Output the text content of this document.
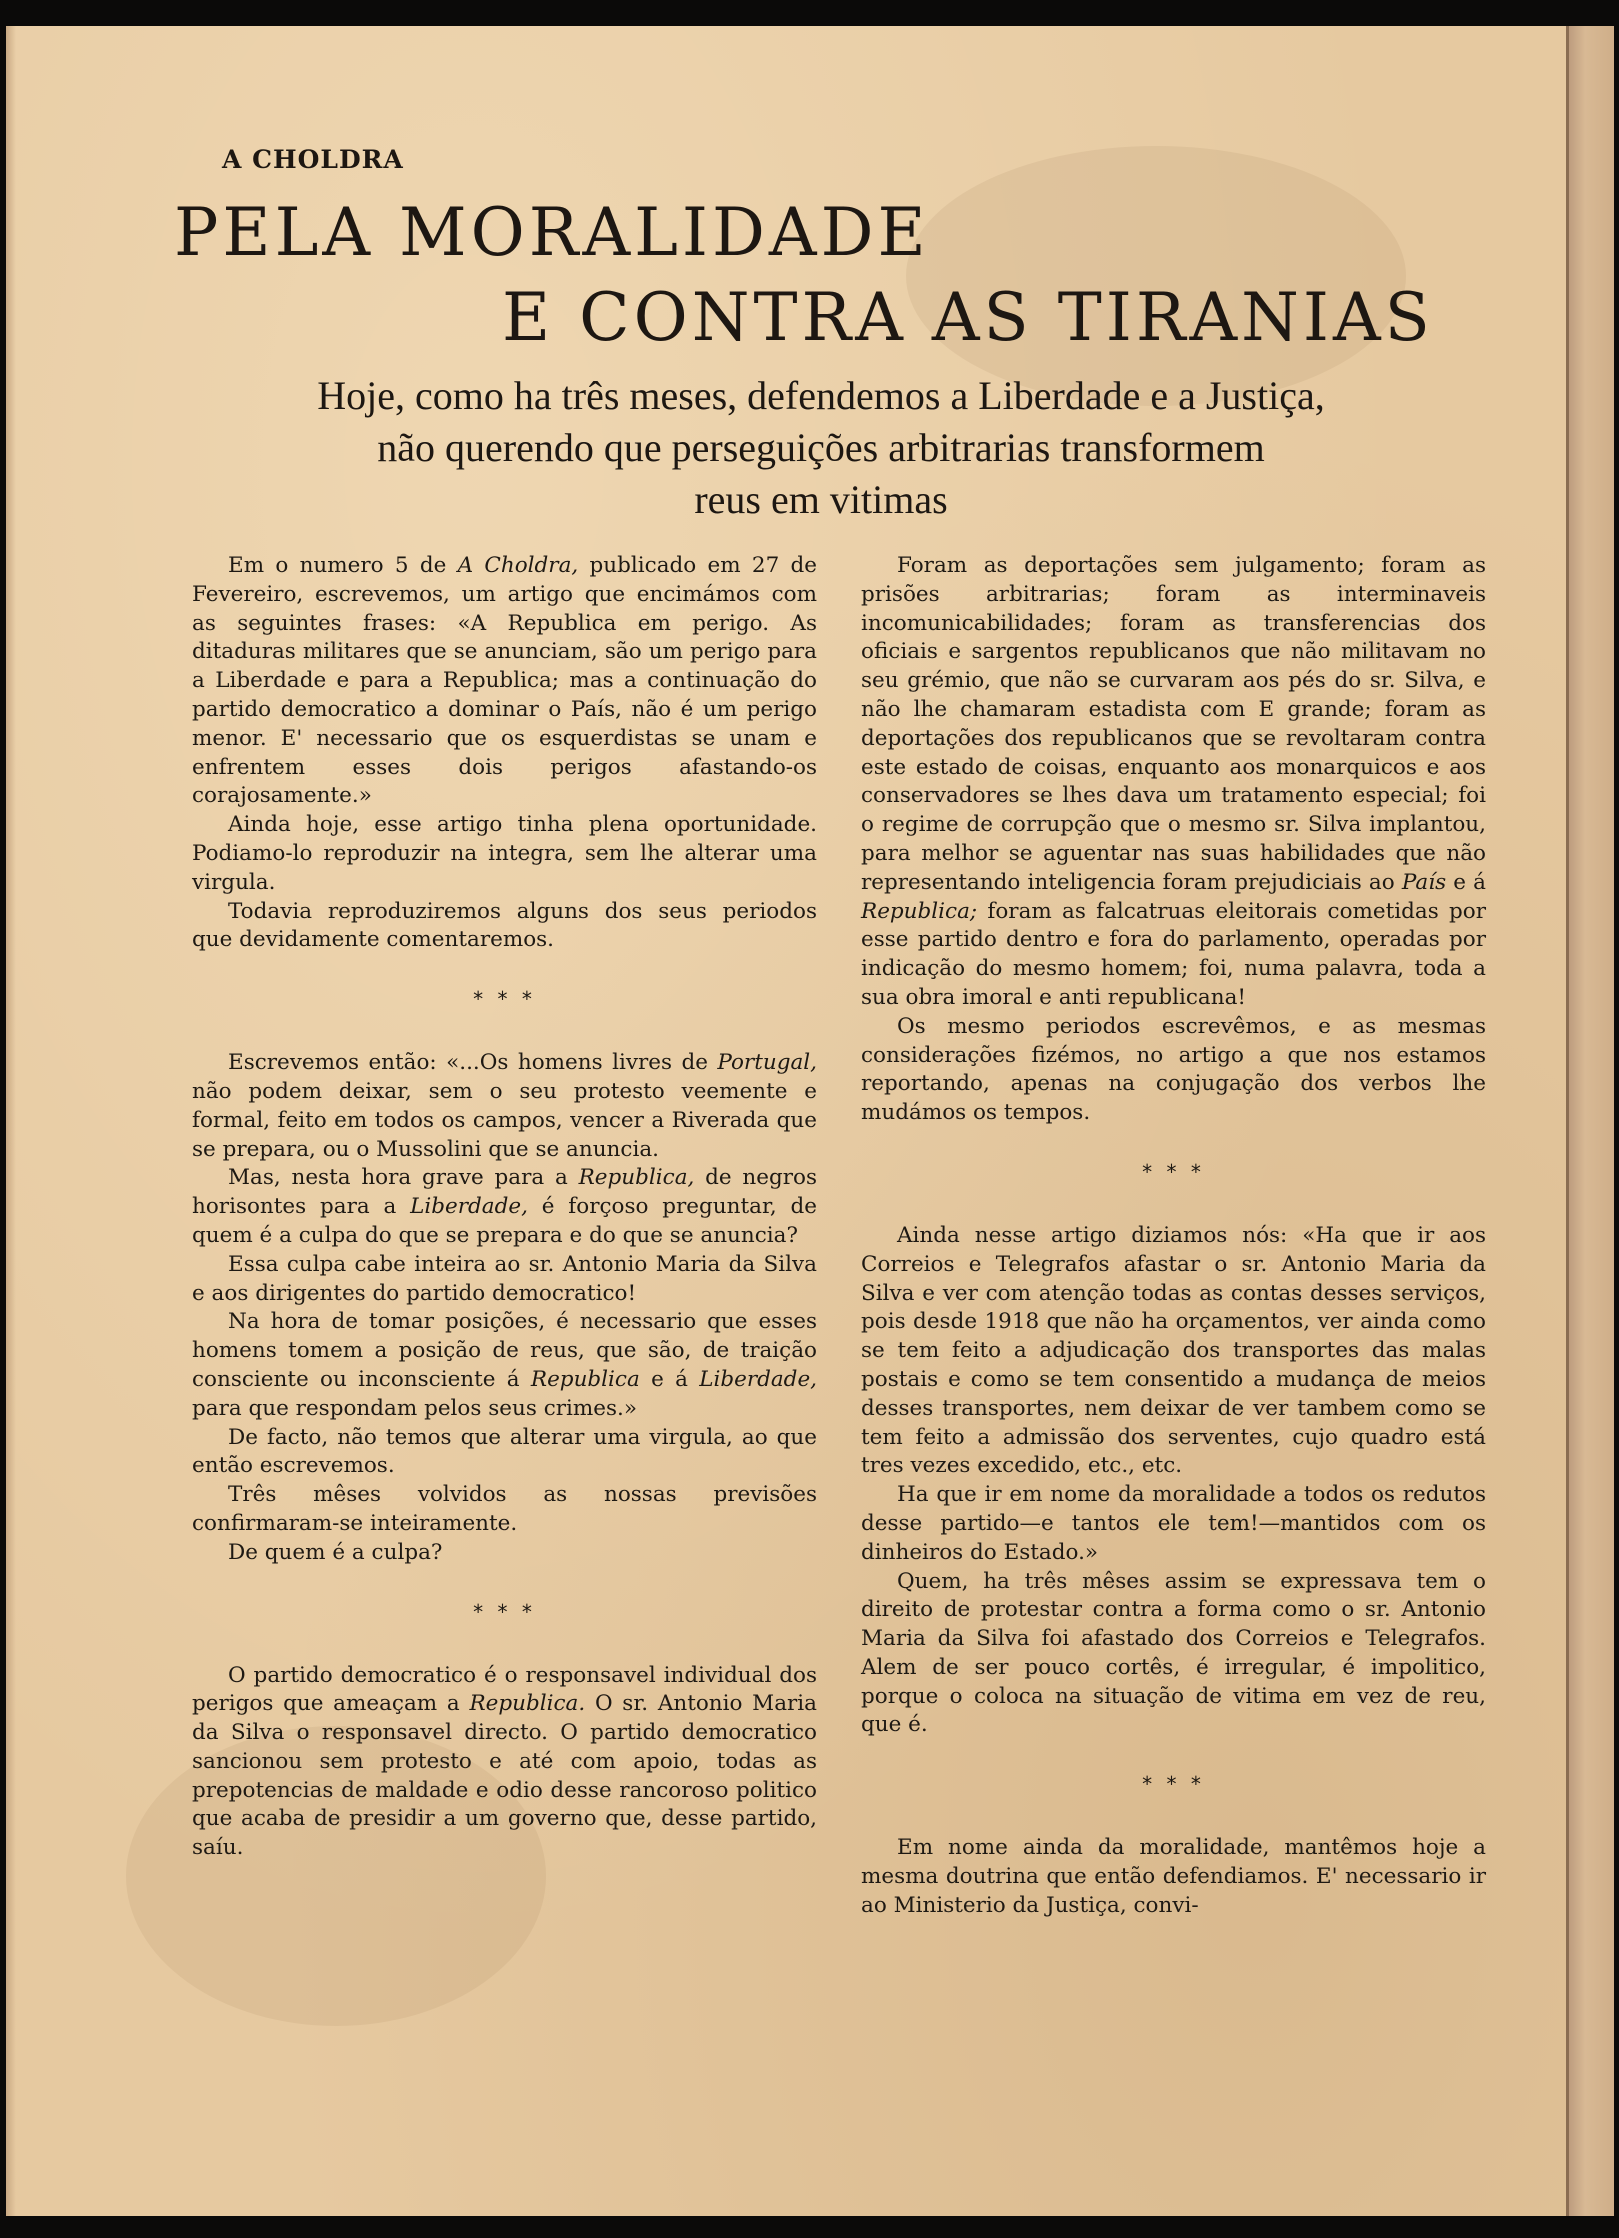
A CHOLDRA
PELA MORALIDADE
E CONTRA AS TIRANIAS
Hoje, como ha três meses, defendemos a Liberdade e a Justiça,
não querendo que perseguições arbitrarias transformem
reus em vitimas

Em o numero 5 de A Choldra, publicado em 27 de Fevereiro, escrevemos, um artigo que encimámos com as seguintes frases: «A Republica em perigo. As ditaduras militares que se anunciam, são um perigo para a Liberdade e para a Republica; mas a continuação do partido democratico a dominar o País, não é um perigo menor. E' necessario que os esquerdistas se unam e enfrentem esses dois perigos afastando-os corajosamente.»

Ainda hoje, esse artigo tinha plena oportunidade. Podiamo-lo reproduzir na integra, sem lhe alterar uma virgula.

Todavia reproduziremos alguns dos seus periodos que devidamente comentaremos.

* * *

Escrevemos então: «...Os homens livres de Portugal, não podem deixar, sem o seu protesto veemente e formal, feito em todos os campos, vencer a Riverada que se prepara, ou o Mussolini que se anuncia.

Mas, nesta hora grave para a Republica, de negros horisontes para a Liberdade, é forçoso preguntar, de quem é a culpa do que se prepara e do que se anuncia?

Essa culpa cabe inteira ao sr. Antonio Maria da Silva e aos dirigentes do partido democratico!

Na hora de tomar posições, é necessario que esses homens tomem a posição de reus, que são, de traição consciente ou inconsciente á Republica e á Liberdade, para que respondam pelos seus crimes.»

De facto, não temos que alterar uma virgula, ao que então escrevemos.

Três mêses volvidos as nossas previsões confirmaram-se inteiramente.

De quem é a culpa?

* * *

O partido democratico é o responsavel individual dos perigos que ameaçam a Republica. O sr. Antonio Maria da Silva o responsavel directo. O partido democratico sancionou sem protesto e até com apoio, todas as prepotencias de maldade e odio desse rancoroso politico que acaba de presidir a um governo que, desse partido, saíu.

Foram as deportações sem julgamento; foram as prisões arbitrarias; foram as interminaveis incomunicabilidades; foram as transferencias dos oficiais e sargentos republicanos que não militavam no seu grémio, que não se curvaram aos pés do sr. Silva, e não lhe chamaram estadista com E grande; foram as deportações dos republicanos que se revoltaram contra este estado de coisas, enquanto aos monarquicos e aos conservadores se lhes dava um tratamento especial; foi o regime de corrupção que o mesmo sr. Silva implantou, para melhor se aguentar nas suas habilidades que não representando inteligencia foram prejudiciais ao País e á Republica; foram as falcatruas eleitorais cometidas por esse partido dentro e fora do parlamento, operadas por indicação do mesmo homem; foi, numa palavra, toda a sua obra imoral e anti republicana!

Os mesmo periodos escrevêmos, e as mesmas considerações fizémos, no artigo a que nos estamos reportando, apenas na conjugação dos verbos lhe mudámos os tempos.

* * *

Ainda nesse artigo diziamos nós: «Ha que ir aos Correios e Telegrafos afastar o sr. Antonio Maria da Silva e ver com atenção todas as contas desses serviços, pois desde 1918 que não ha orçamentos, ver ainda como se tem feito a adjudicação dos transportes das malas postais e como se tem consentido a mudança de meios desses transportes, nem deixar de ver tambem como se tem feito a admissão dos serventes, cujo quadro está tres vezes excedido, etc., etc.

Ha que ir em nome da moralidade a todos os redutos desse partido—e tantos ele tem!—mantidos com os dinheiros do Estado.»

Quem, ha três mêses assim se expressava tem o direito de protestar contra a forma como o sr. Antonio Maria da Silva foi afastado dos Correios e Telegrafos. Alem de ser pouco cortês, é irregular, é impolitico, porque o coloca na situação de vitima em vez de reu, que é.

* * *

Em nome ainda da moralidade, mantêmos hoje a mesma doutrina que então defendiamos. E' necessario ir ao Ministerio da Justiça, convi-
